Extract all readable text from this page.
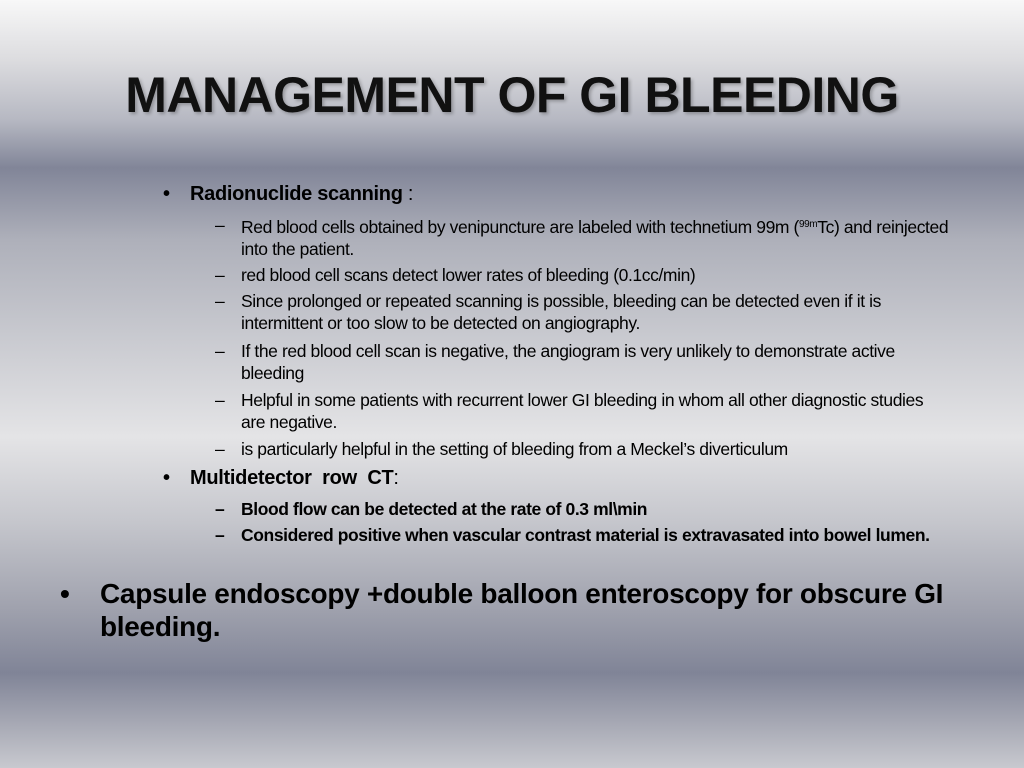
MANAGEMENT OF GI BLEEDING
• Radionuclide scanning :
– Red blood cells obtained by venipuncture are labeled with technetium 99m ($^{99m}$Tc) and reinjected into the patient.
– red blood cell scans detect lower rates of bleeding (0.1cc/min)
– Since prolonged or repeated scanning is possible, bleeding can be detected even if it is intermittent or too slow to be detected on angiography.
– If the red blood cell scan is negative, the angiogram is very unlikely to demonstrate active bleeding
– Helpful in some patients with recurrent lower GI bleeding in whom all other diagnostic studies are negative.
– is particularly helpful in the setting of bleeding from a Meckel’s diverticulum
• Multidetector  row  CT:
– Blood flow can be detected at the rate of 0.3 ml\min
– Considered positive when vascular contrast material is extravasated into bowel lumen.
• Capsule endoscopy +double balloon enteroscopy for obscure GI bleeding.
